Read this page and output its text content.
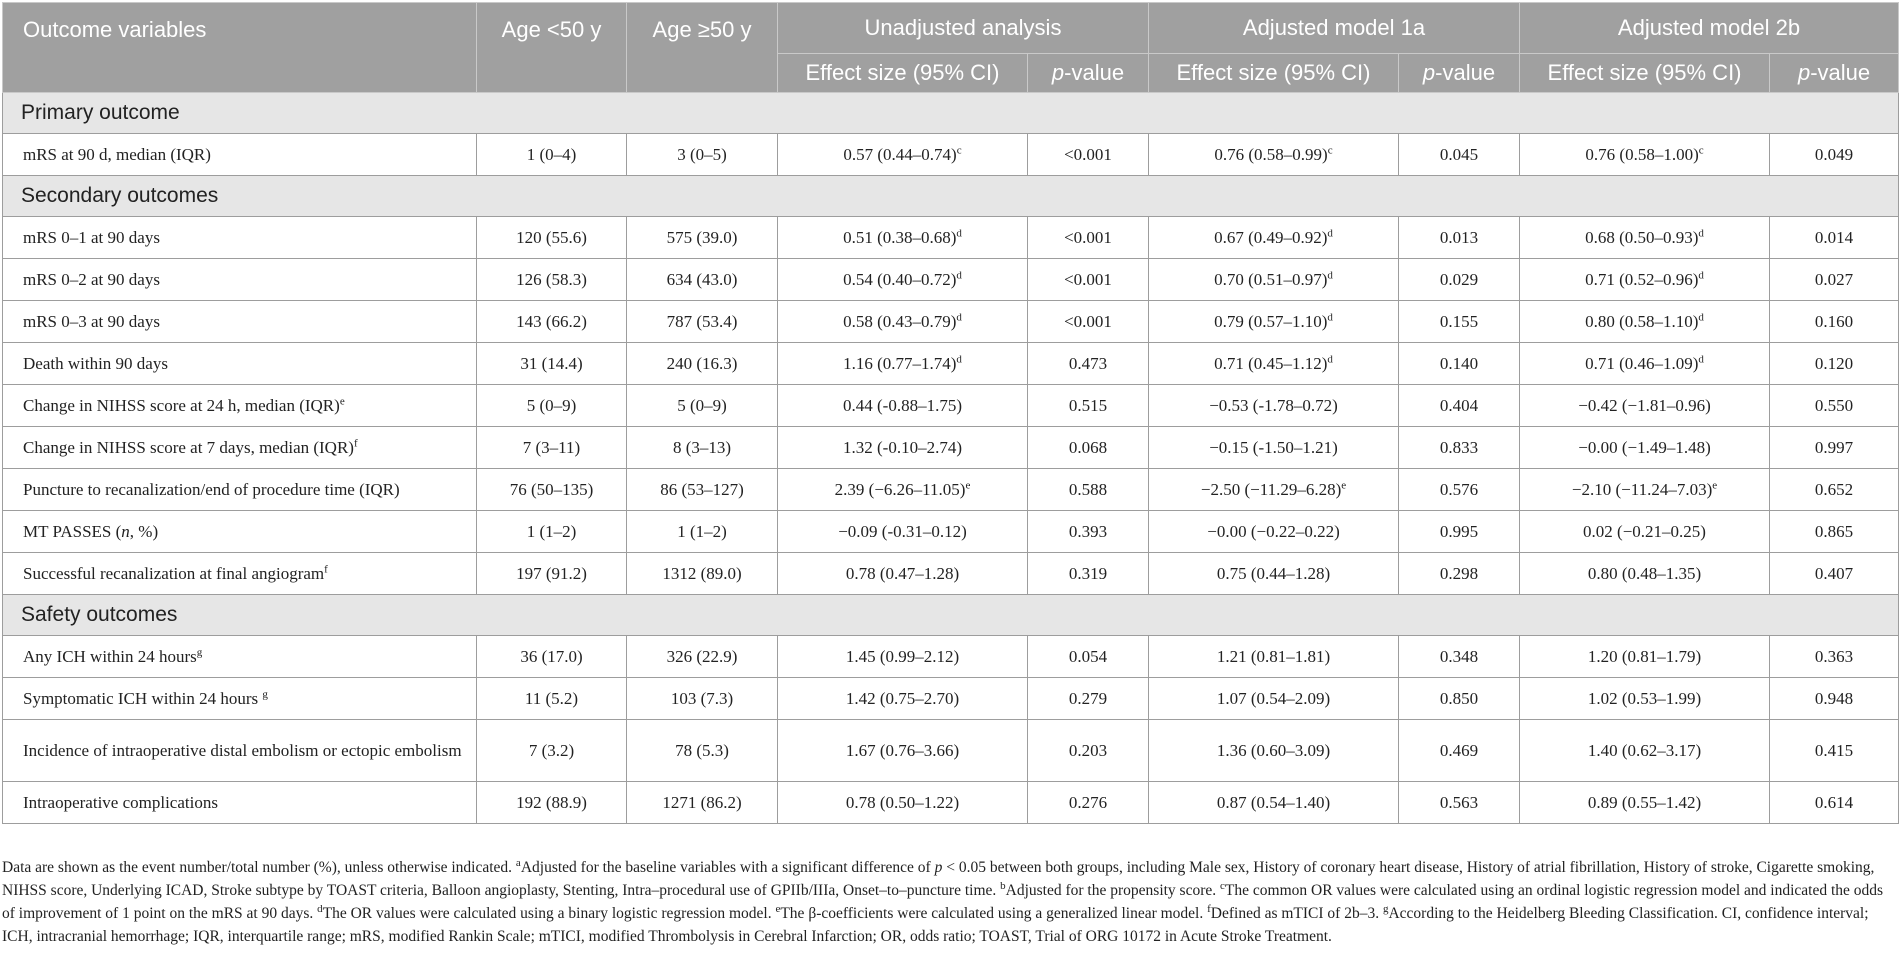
Outcome variables	Age <50 y	Age ≥50 y	Unadjusted analysis		Adjusted model 1a		Adjusted model 2b	
			Effect size (95% CI)	p-value	Effect size (95% CI)	p-value	Effect size (95% CI)	p-value
Primary outcome								
mRS at 90 d, median (IQR)	1 (0–4)	3 (0–5)	0.57 $(0.44-0.74)^c$	<0.001	0.76 $(0.58-0.99)^c$	0.045	0.76 $(0.58-1.00)^c$	0.049
Secondary outcomes								
mRS 0–1 at 90 days	120 (55.6)	575 (39.0)	0.51 $(0.38-0.68)^d$	<0.001	0.67 $(0.49-0.92)^d$	0.013	0.68 $(0.50-0.93)^d$	0.014
mRS 0–2 at 90 days	126 (58.3)	634 (43.0)	0.54 $(0.40-0.72)^d$	<0.001	0.70 $(0.51-0.97)^d$	0.029	0.71 $(0.52-0.96)^d$	0.027
mRS 0–3 at 90 days	143 (66.2)	787 (53.4)	0.58 $(0.43-0.79)^d$	<0.001	0.79 $(0.57-1.10)^d$	0.155	0.80 $(0.58-1.10)^d$	0.160
Death within 90 days	31 (14.4)	240 (16.3)	1.16 $(0.77-1.74)^d$	0.473	0.71 $(0.45-1.12)^d$	0.140	0.71 $(0.46-1.09)^d$	0.120
Change in NIHSS score at 24 h, median (IQR)$^e$	5 (0–9)	5 (0–9)	0.44 (-0.88–1.75)	0.515	−0.53 (-1.78–0.72)	0.404	−0.42 (−1.81–0.96)	0.550
Change in NIHSS score at 7 days, median (IQR)$^f$	7 (3–11)	8 (3–13)	1.32 (-0.10–2.74)	0.068	−0.15 (-1.50–1.21)	0.833	−0.00 (−1.49–1.48)	0.997
Puncture to recanalization/end of procedure time (IQR)	76 (50–135)	86 (53–127)	2.39 $(-6.26-11.05)^e$	0.588	−2.50 $(-11.29-6.28)^e$	0.576	−2.10 $(-11.24-7.03)^e$	0.652
MT PASSES (n, %)	1 (1–2)	1 (1–2)	−0.09 (-0.31–0.12)	0.393	−0.00 (−0.22–0.22)	0.995	0.02 (−0.21–0.25)	0.865
Successful recanalization at final angiogram$^f$	197 (91.2)	1312 (89.0)	0.78 (0.47–1.28)	0.319	0.75 (0.44–1.28)	0.298	0.80 (0.48–1.35)	0.407
Safety outcomes								
Any ICH within 24 hours$^g$	36 (17.0)	326 (22.9)	1.45 (0.99–2.12)	0.054	1.21 (0.81–1.81)	0.348	1.20 (0.81–1.79)	0.363
Symptomatic ICH within 24 hours $^g$	11 (5.2)	103 (7.3)	1.42 (0.75–2.70)	0.279	1.07 (0.54–2.09)	0.850	1.02 (0.53–1.99)	0.948
Incidence of intraoperative distal embolism or ectopic embolism	7 (3.2)	78 (5.3)	1.67 (0.76–3.66)	0.203	1.36 (0.60–3.09)	0.469	1.40 (0.62–3.17)	0.415
Intraoperative complications	192 (88.9)	1271 (86.2)	0.78 (0.50–1.22)	0.276	0.87 (0.54–1.40)	0.563	0.89 (0.55–1.42)	0.614
Data are shown as the event number/total number (%), unless otherwise indicated. $^a$Adjusted for the baseline variables with a significant difference of p < 0.05 between both groups, including Male sex, History of coronary heart disease, History of atrial fibrillation, History of stroke, Cigarette smoking, NIHSS score, Underlying ICAD, Stroke subtype by TOAST criteria, Balloon angioplasty, Stenting, Intra–procedural use of GPIIb/IIIa, Onset–to–puncture time. $^b$Adjusted for the propensity score. $^c$The common OR values were calculated using an ordinal logistic regression model and indicated the odds of improvement of 1 point on the mRS at 90 days. $^d$The OR values were calculated using a binary logistic regression model. $^e$The β-coefficients were calculated using a generalized linear model. $^f$Defined as mTICI of 2b–3. $^g$According to the Heidelberg Bleeding Classification. CI, confidence interval; ICH, intracranial hemorrhage; IQR, interquartile range; mRS, modified Rankin Scale; mTICI, modified Thrombolysis in Cerebral Infarction; OR, odds ratio; TOAST, Trial of ORG 10172 in Acute Stroke Treatment.
